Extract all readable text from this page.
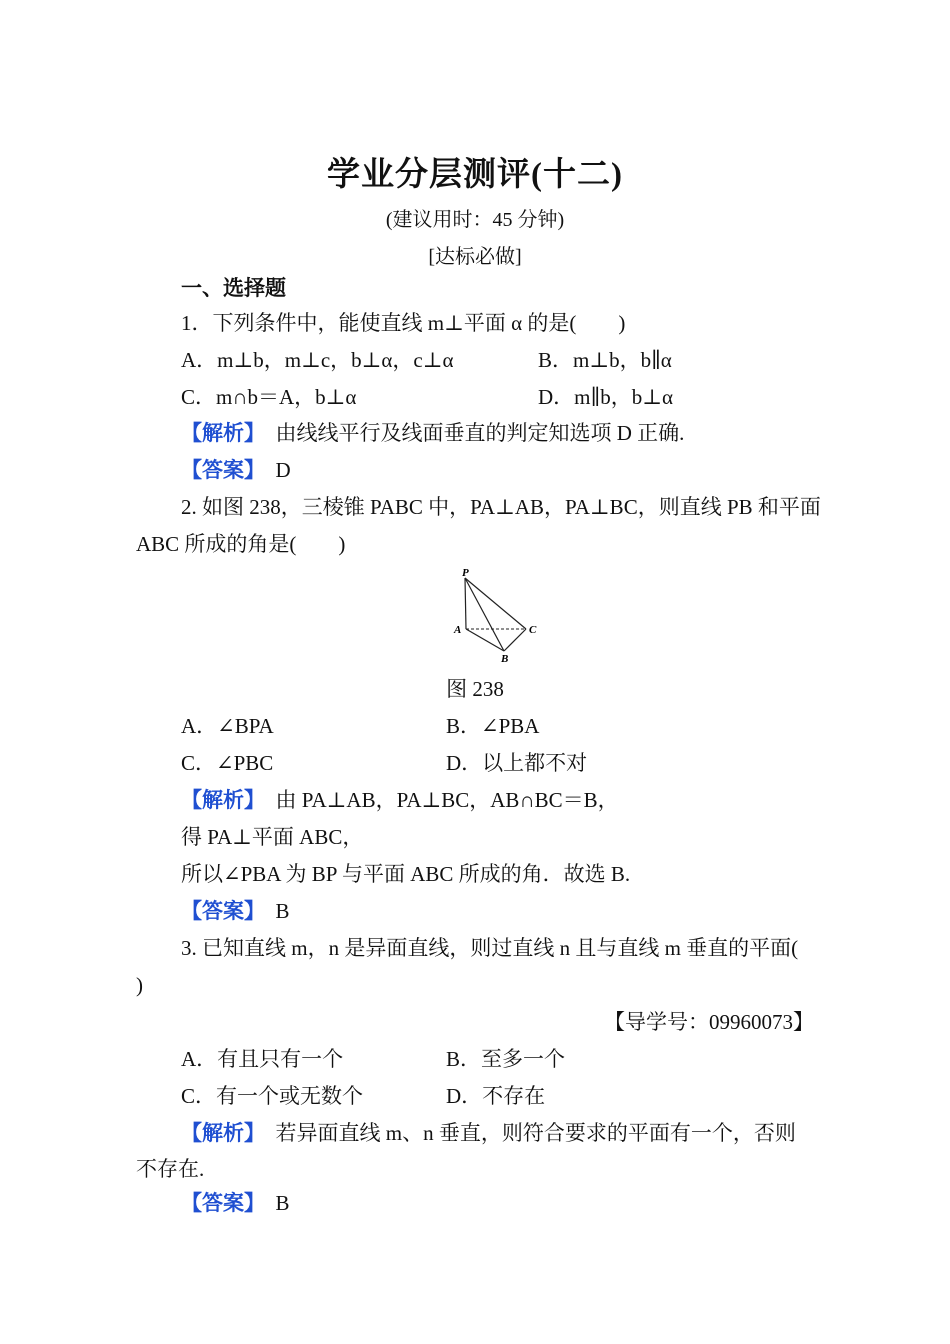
学业分层测评(十二)
(建议用时：45 分钟)
[达标必做]
一、选择题
1．下列条件中，能使直线 m⊥平面 α 的是(　　)
A．m⊥b，m⊥c，b⊥α，c⊥α	B．m⊥b，b∥α
C．m∩b＝A，b⊥α	D．m∥b，b⊥α
【解析】 由线线平行及线面垂直的判定知选项 D 正确.
【答案】 D
2. 如图 238，三棱锥 PABC 中，PA⊥AB，PA⊥BC，则直线 PB 和平面
ABC 所成的角是(　　)
P
A
B
C
图 238
A．∠BPA	B．∠PBA
C．∠PBC	D．以上都不对
【解析】 由 PA⊥AB，PA⊥BC，AB∩BC＝B，
得 PA⊥平面 ABC，
所以∠PBA 为 BP 与平面 ABC 所成的角．故选 B.
【答案】 B
3. 已知直线 m，n 是异面直线，则过直线 n 且与直线 m 垂直的平面(
)
【导学号：09960073】
A．有且只有一个	B．至多一个
C．有一个或无数个	D．不存在
【解析】 若异面直线 m、n 垂直，则符合要求的平面有一个，否则
不存在.
【答案】 B
